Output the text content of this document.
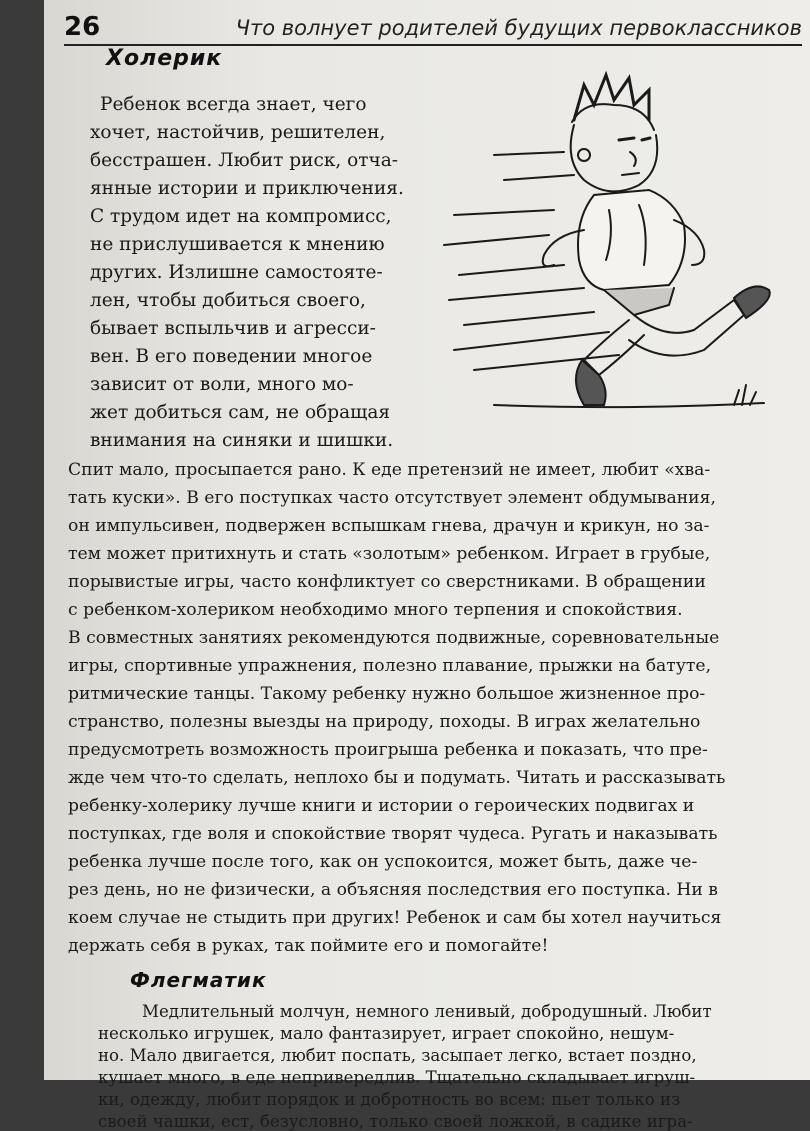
26	Что волнует родителей будущих первоклассников
Холерик
Ребенок всегда знает, чего
хочет, настойчив, решителен,
бесстрашен. Любит риск, отча-
янные истории и приключения.
С трудом идет на компромисс,
не прислушивается к мнению
других. Излишне самостоятe-
лен, чтобы добиться своего,
бывает вспыльчив и агресси-
вен. В его поведении многое
зависит от воли, много мо-
жет добиться сам, не обращая
внимания на синяки и шишки.
Спит мало, просыпается рано. К еде претензий не имеет, любит «хва-
тать куски». В его поступках часто отсутствует элемент обдумывания,
он импульсивен, подвержен вспышкам гнева, драчун и крикун, но за-
тем может притихнуть и стать «золотым» ребенком. Играет в грубые,
порывистые игры, часто конфликтует со сверстниками. В обращении
с ребенком-холериком необходимо много терпения и спокойствия.
В совместных занятиях рекомендуются подвижные, соревновательные
игры, спортивные упражнения, полезно плавание, прыжки на батуте,
ритмические танцы. Такому ребенку нужно большое жизненное про-
странство, полезны выезды на природу, походы. В играх желательно
предусмотреть возможность проигрыша ребенка и показать, что пре-
жде чем что-то сделать, неплохо бы и подумать. Читать и рассказывать
ребенку-холерику лучше книги и истории о героических подвигах и
поступках, где воля и спокойствие творят чудеса. Ругать и наказывать
ребенка лучше после того, как он успокоится, может быть, даже че-
рез день, но не физически, а объясняя последствия его поступка. Ни в
коем случае не стыдить при других! Ребенок и сам бы хотел научиться
держать себя в руках, так поймите его и помогайте!
Флегматик
Медлительный молчун, немного ленивый, добродушный. Любит
несколько игрушек, мало фантазирует, играет спокойно, нешум-
но. Мало двигается, любит поспать, засыпает легко, встает поздно,
кушает много, в еде непривередлив. Тщательно складывает игруш-
ки, одежду, любит порядок и добротность во всем: пьет только из
своей чашки, ест, безусловно, только своей ложкой, в садике игра-
